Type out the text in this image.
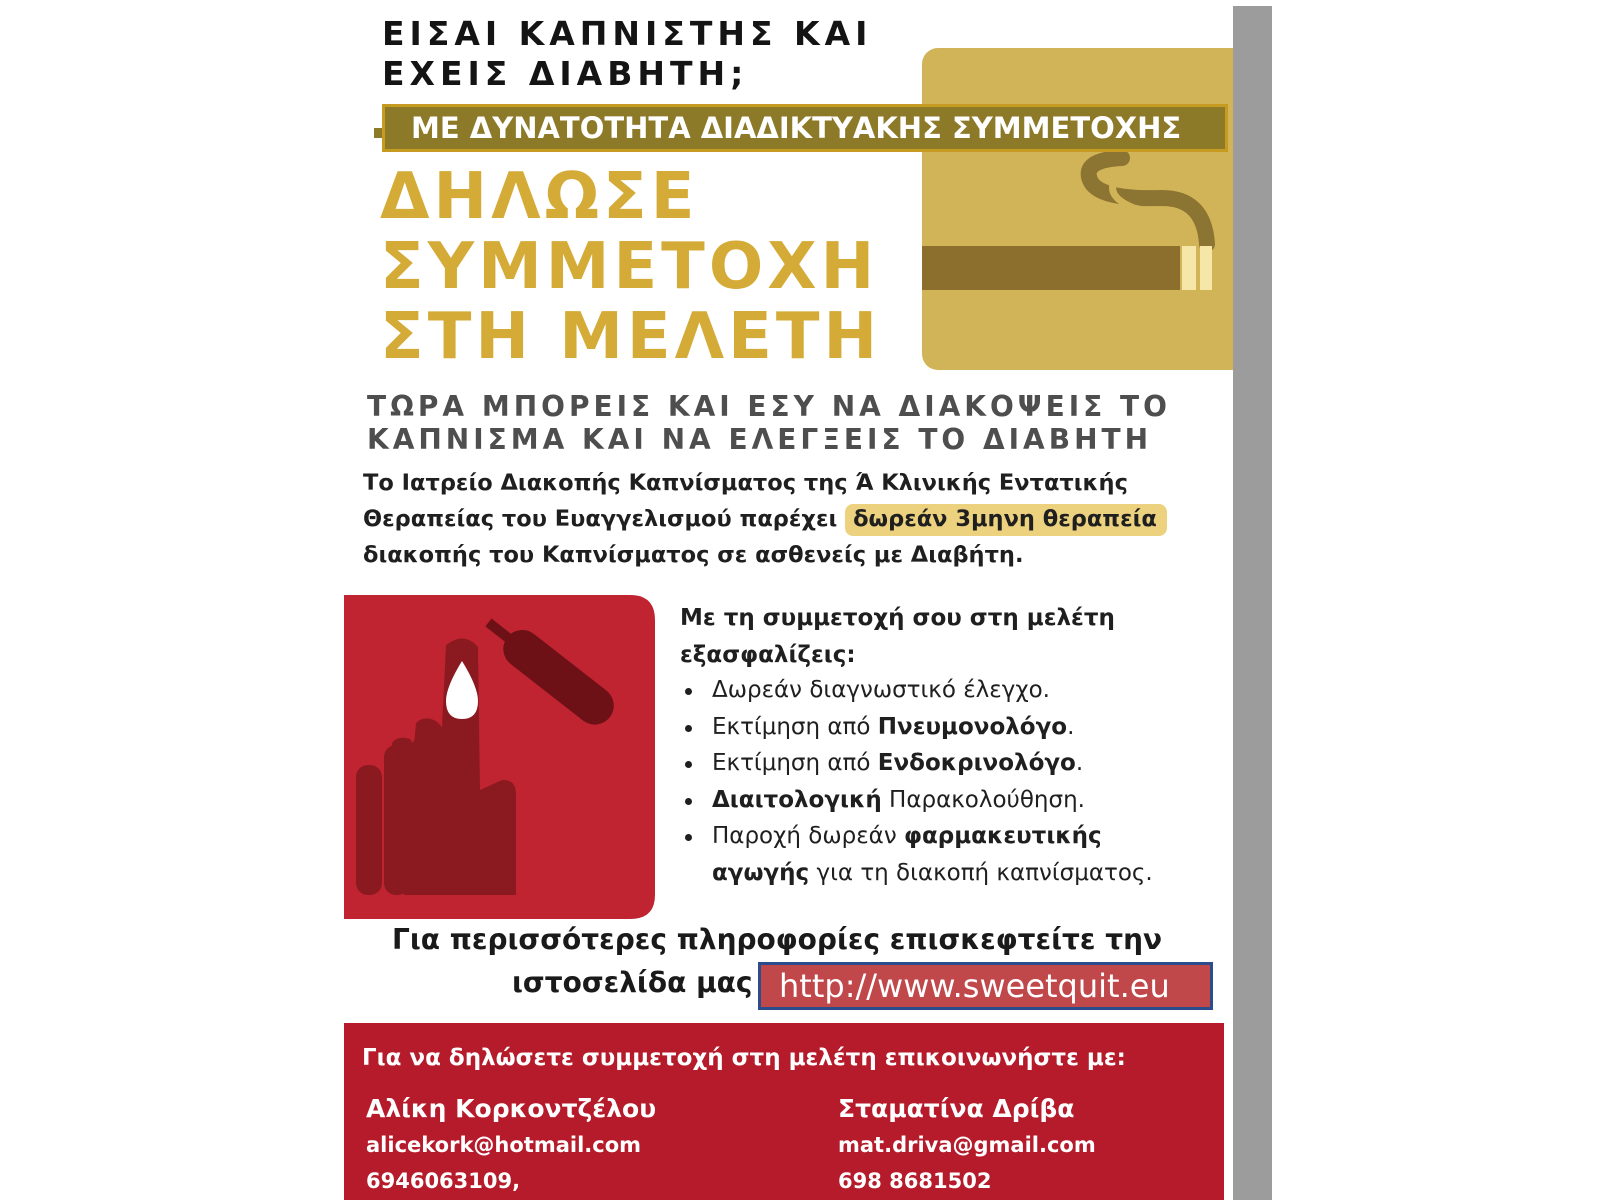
ΕΙΣΑΙ ΚΑΠΝΙΣΤΗΣ ΚΑΙ
ΕΧΕΙΣ ΔΙΑΒΗΤΗ;
ΜΕ ΔΥΝΑΤΟΤΗΤΑ ΔΙΑΔΙΚΤΥΑΚΗΣ ΣΥΜΜΕΤΟΧΗΣ
ΔΗΛΩΣΕ
ΣΥΜΜΕΤΟΧΗ
ΣΤΗ ΜΕΛΕΤΗ
ΤΩΡΑ ΜΠΟΡΕΙΣ ΚΑΙ ΕΣΥ ΝΑ ΔΙΑΚΟΨΕΙΣ ΤΟ
ΚΑΠΝΙΣΜΑ ΚΑΙ ΝΑ ΕΛΕΓΞΕΙΣ ΤΟ ΔΙΑΒΗΤΗ
Το Ιατρείο Διακοπής Καπνίσματος της Ά Κλινικής Εντατικής
Θεραπείας του Ευαγγελισμού παρέχει δωρεάν 3μηνη θεραπεία
διακοπής του Καπνίσματος σε ασθενείς με Διαβήτη.
Με τη συμμετοχή σου στη μελέτη
εξασφαλίζεις:
Δωρεάν διαγνωστικό έλεγχο.
Εκτίμηση από Πνευμονολόγο.
Εκτίμηση από Ενδοκρινολόγο.
Διαιτολογική Παρακολούθηση.
Παροχή δωρεάν φαρμακευτικής
αγωγής για τη διακοπή καπνίσματος.
Για περισσότερες πληροφορίες επισκεφτείτε την
ιστοσελίδα μας http://www.sweetquit.eu
Για να δηλώσετε συμμετοχή στη μελέτη επικοινωνήστε με:
Αλίκη Κορκοντζέλου
alicekork@hotmail.com
6946063109,
Σταματίνα Δρίβα
mat.driva@gmail.com
698 8681502
